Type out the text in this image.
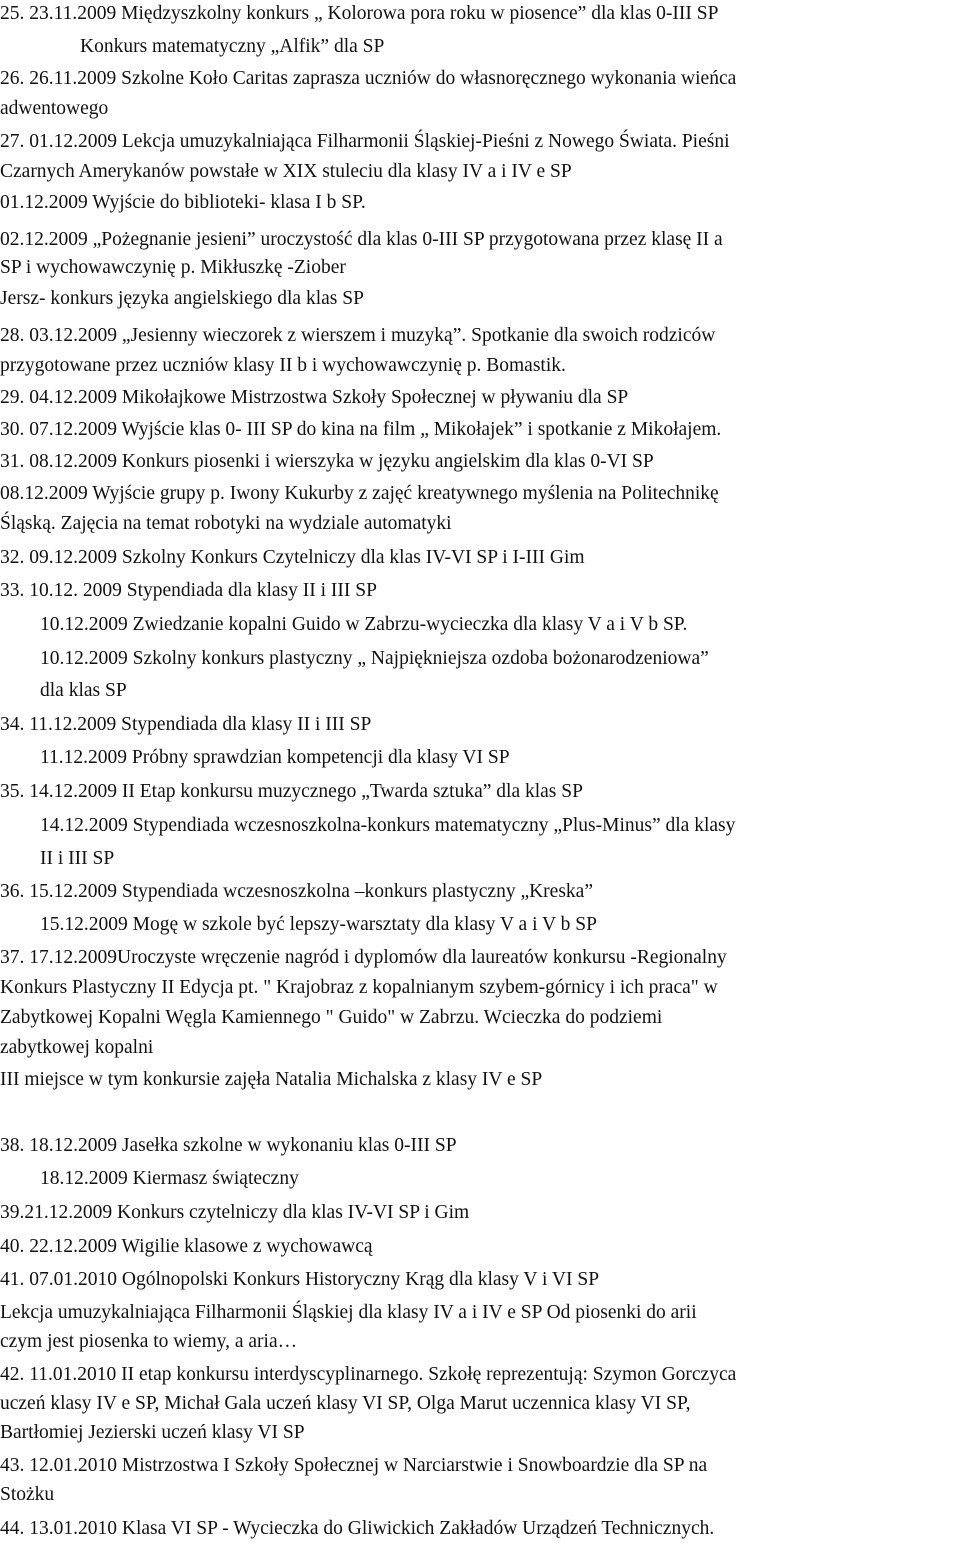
25. 23.11.2009 Międzyszkolny konkurs „ Kolorowa pora roku w piosence” dla klas 0-III SP
Konkurs matematyczny „Alfik” dla SP
26. 26.11.2009 Szkolne Koło Caritas zaprasza uczniów do własnoręcznego wykonania wieńca
adwentowego
27. 01.12.2009 Lekcja umuzykalniająca Filharmonii Śląskiej-Pieśni z Nowego Świata. Pieśni
Czarnych Amerykanów powstałe w XIX stuleciu dla klasy IV a i IV e SP
01.12.2009 Wyjście do biblioteki- klasa I b SP.
02.12.2009 „Pożegnanie jesieni” uroczystość dla klas 0-III SP przygotowana przez klasę II a
SP i wychowawczynię p. Mikłuszkę -Ziober
Jersz- konkurs języka angielskiego dla klas SP
28. 03.12.2009 „Jesienny wieczorek z wierszem i muzyką”. Spotkanie dla swoich rodziców
przygotowane przez uczniów klasy II b i wychowawczynię p. Bomastik.
29. 04.12.2009 Mikołajkowe Mistrzostwa Szkoły Społecznej w pływaniu dla SP
30. 07.12.2009 Wyjście klas 0- III SP do kina na film „ Mikołajek” i spotkanie z Mikołajem.
31. 08.12.2009 Konkurs piosenki i wierszyka w języku angielskim dla klas 0-VI SP
08.12.2009 Wyjście grupy p. Iwony Kukurby z zajęć kreatywnego myślenia na Politechnikę
Śląską. Zajęcia na temat robotyki na wydziale automatyki
32. 09.12.2009 Szkolny Konkurs Czytelniczy dla klas IV-VI SP i I-III Gim
33. 10.12. 2009 Stypendiada dla klasy II i III SP
10.12.2009 Zwiedzanie kopalni Guido w Zabrzu-wycieczka dla klasy V a i V b SP.
10.12.2009 Szkolny konkurs plastyczny „ Najpiękniejsza ozdoba bożonarodzeniowa”
dla klas SP
34. 11.12.2009 Stypendiada dla klasy II i III SP
11.12.2009 Próbny sprawdzian kompetencji dla klasy VI SP
35. 14.12.2009 II Etap konkursu muzycznego „Twarda sztuka” dla klas SP
14.12.2009 Stypendiada wczesnoszkolna-konkurs matematyczny „Plus-Minus” dla klasy
II i III SP
36. 15.12.2009 Stypendiada wczesnoszkolna –konkurs plastyczny „Kreska”
15.12.2009 Mogę w szkole być lepszy-warsztaty dla klasy V a i V b SP
37. 17.12.2009Uroczyste wręczenie nagród i dyplomów dla laureatów konkursu -Regionalny
Konkurs Plastyczny II Edycja pt. " Krajobraz z kopalnianym szybem-górnicy i ich praca" w
Zabytkowej Kopalni Węgla Kamiennego " Guido" w Zabrzu. Wcieczka do podziemi
zabytkowej kopalni
III miejsce w tym konkursie zajęła Natalia Michalska z klasy IV e SP
38. 18.12.2009 Jasełka szkolne w wykonaniu klas 0-III SP
18.12.2009 Kiermasz świąteczny
39.21.12.2009 Konkurs czytelniczy dla klas IV-VI SP i Gim
40. 22.12.2009 Wigilie klasowe z wychowawcą
41. 07.01.2010 Ogólnopolski Konkurs Historyczny Krąg dla klasy V i VI SP
Lekcja umuzykalniająca Filharmonii Śląskiej dla klasy IV a i IV e SP Od piosenki do arii
czym jest piosenka to wiemy, a aria…
42. 11.01.2010 II etap konkursu interdyscyplinarnego. Szkołę reprezentują: Szymon Gorczyca
uczeń klasy IV e SP, Michał Gala uczeń klasy VI SP, Olga Marut uczennica klasy VI SP,
Bartłomiej Jezierski uczeń klasy VI SP
43. 12.01.2010 Mistrzostwa I Szkoły Społecznej w Narciarstwie i Snowboardzie dla SP na
Stożku
44. 13.01.2010 Klasa VI SP - Wycieczka do Gliwickich Zakładów Urządzeń Technicznych.
